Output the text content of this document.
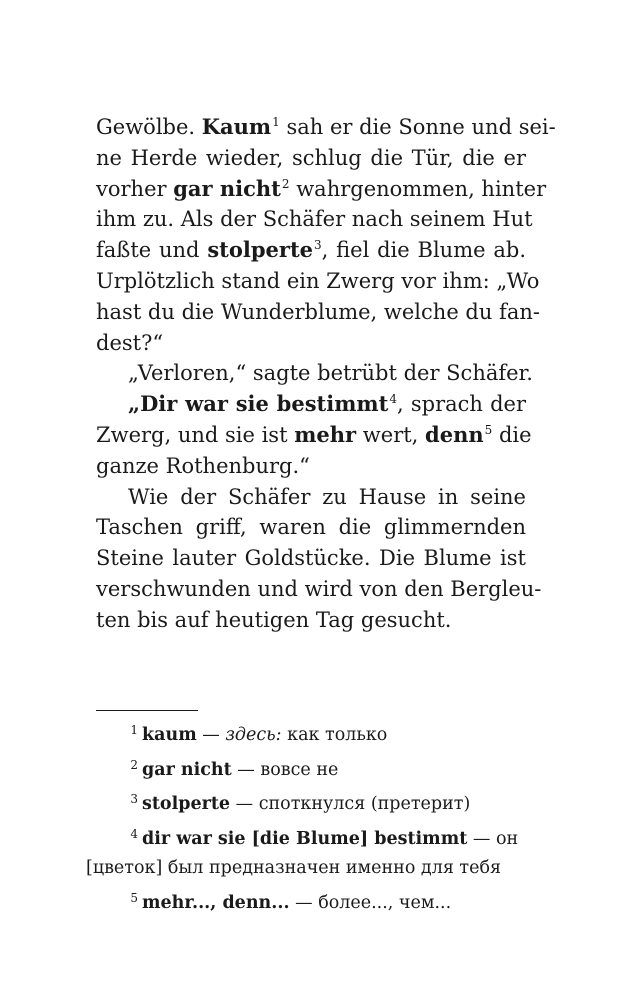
Gewölbe. Kaum$^1$ sah er die Sonne und sei-
ne Herde wieder, schlug die Tür, die er
vorher gar nicht$^2$ wahrgenommen, hinter
ihm zu. Als der Schäfer nach seinem Hut
faßte und stolperte$^3$, fiel die Blume ab.
Urplötzlich stand ein Zwerg vor ihm: „Wo
hast du die Wunderblume, welche du fan-
dest?“
„Verloren,“ sagte betrübt der Schäfer.
„Dir war sie bestimmt$^4$, sprach der
Zwerg, und sie ist mehr wert, denn$^5$ die
ganze Rothenburg.“
Wie der Schäfer zu Hause in seine
Taschen griff, waren die glimmernden
Steine lauter Goldstücke. Die Blume ist
verschwunden und wird von den Bergleu-
ten bis auf heutigen Tag gesucht.
1 kaum — здесь: как только
2 gar nicht — вовсе не
3 stolperte — споткнулся (претерит)
4 dir war sie [die Blume] bestimmt — он
[цветок] был предназначен именно для тебя
5 mehr..., denn... — более..., чем...
